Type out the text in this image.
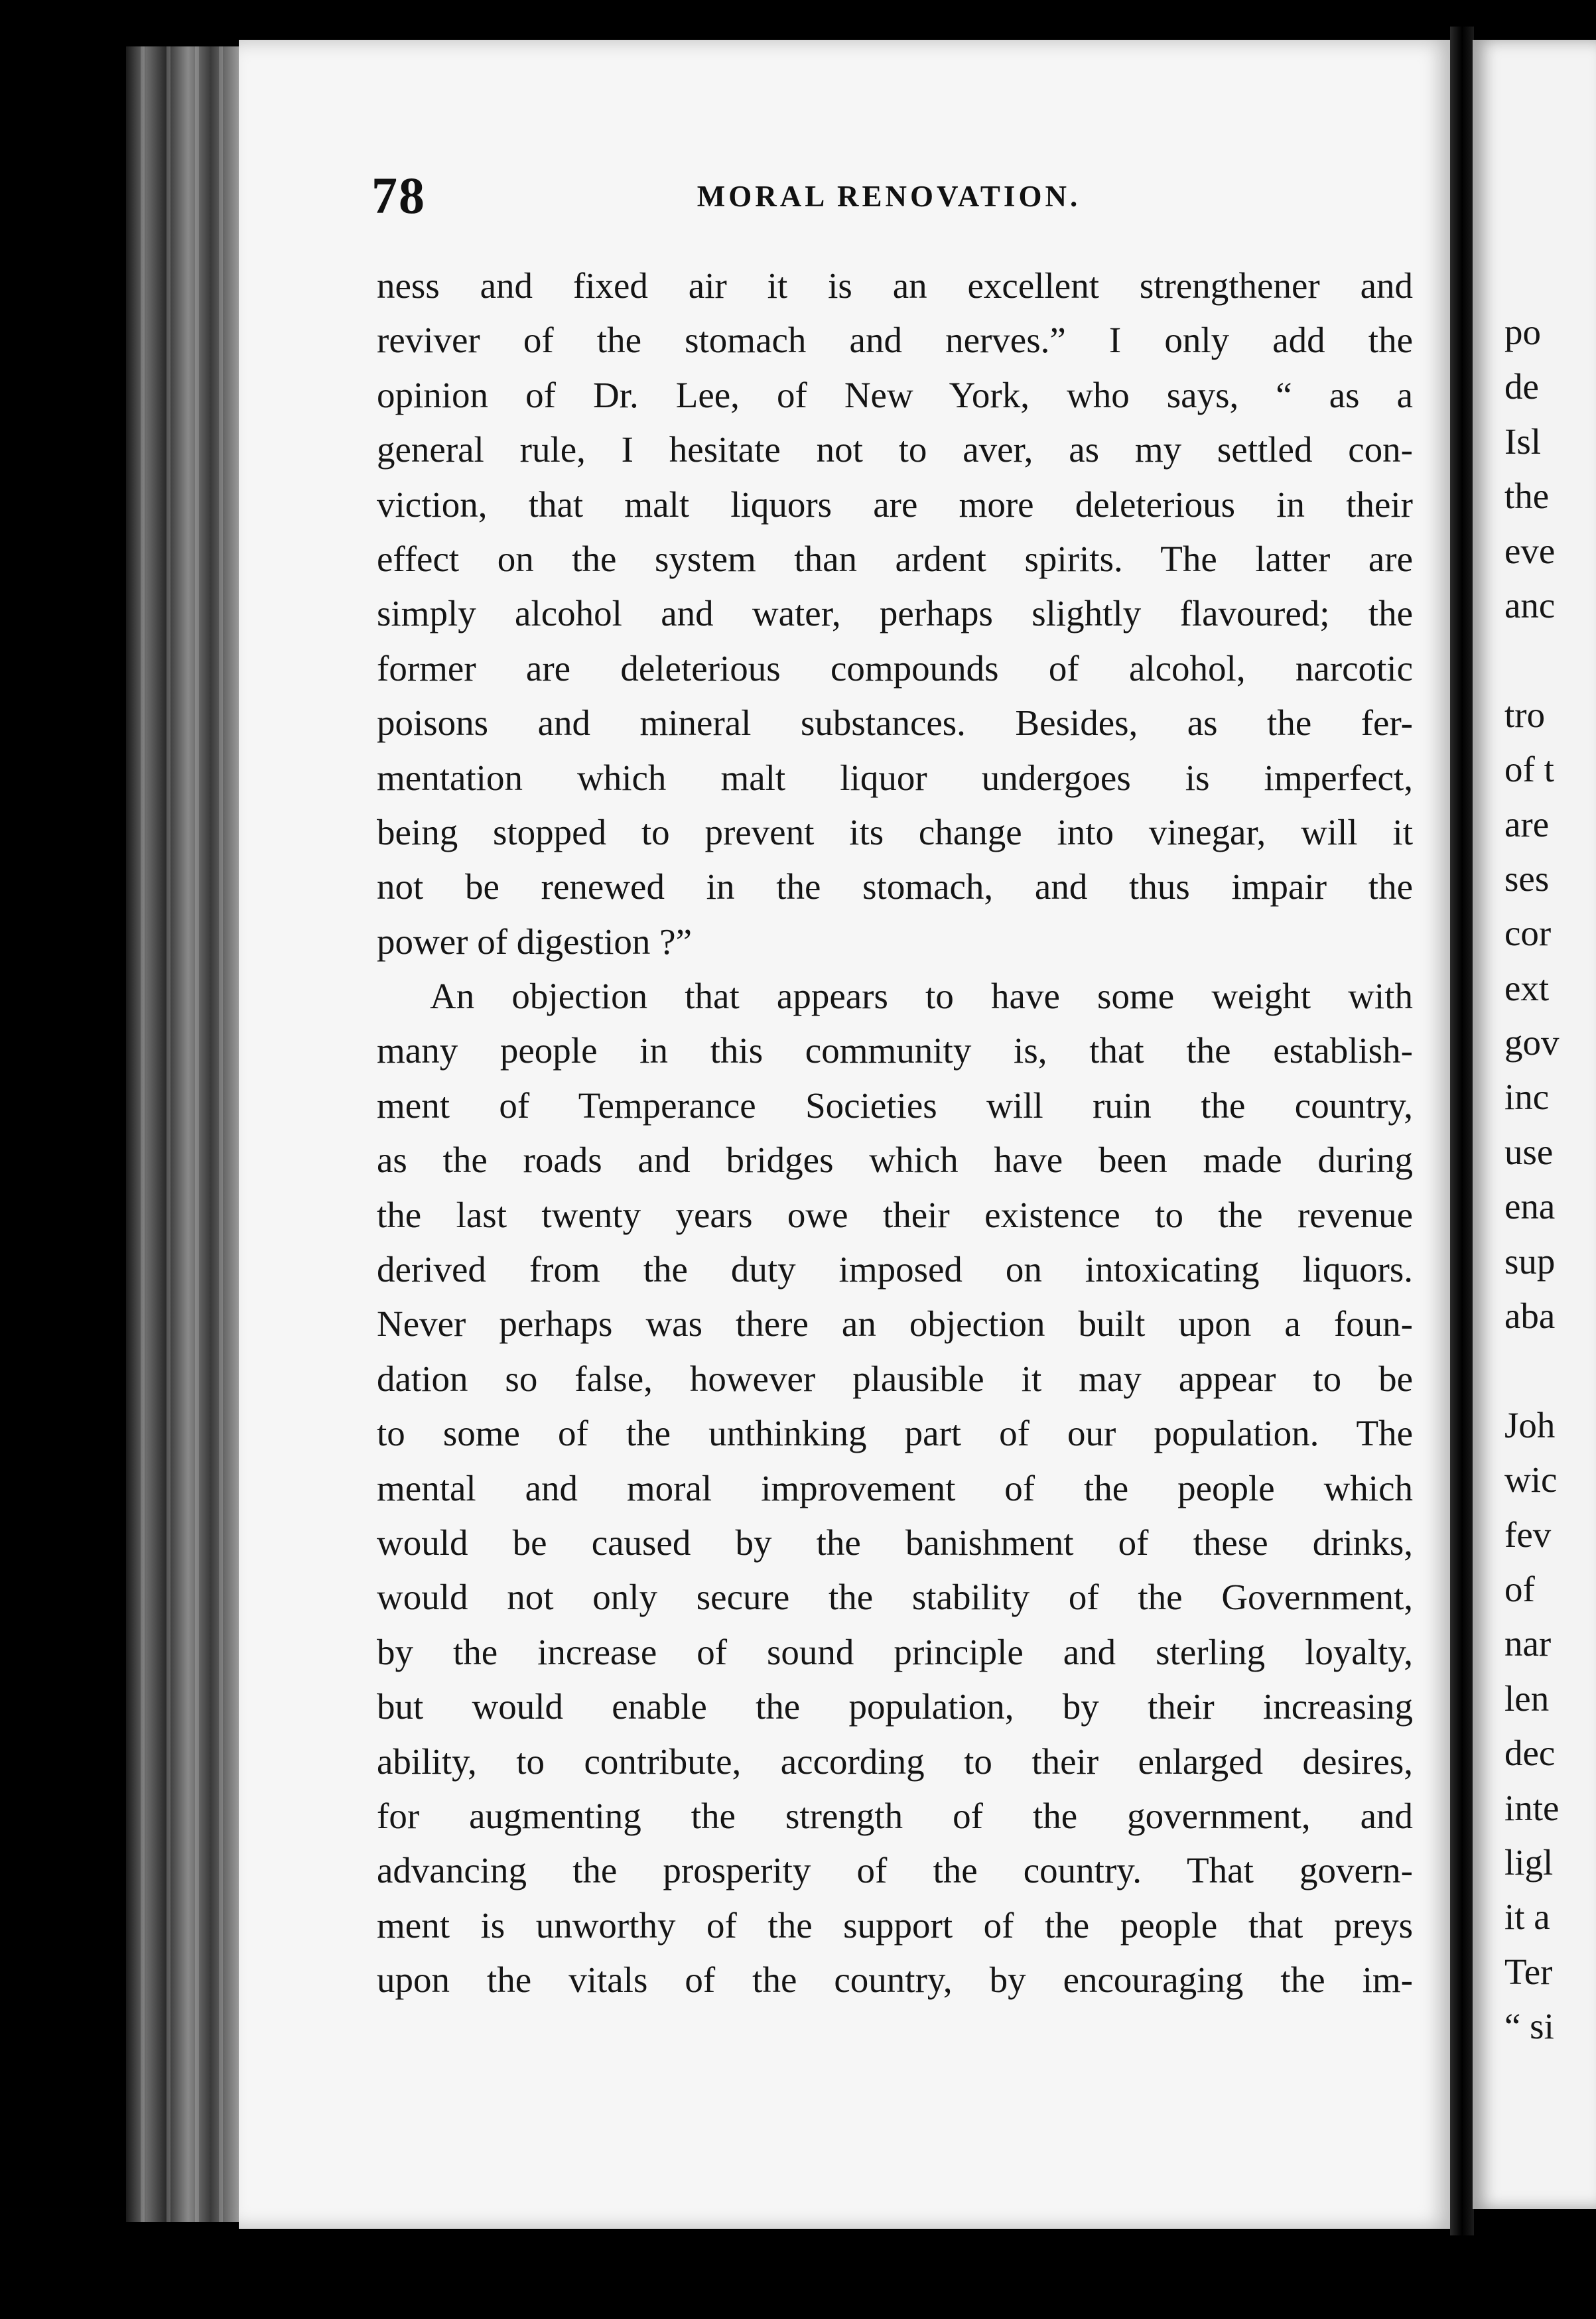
78	MORAL RENOVATION.
ness and fixed air it is an excellent strengthener and
reviver of the stomach and nerves.” I only add the
opinion of Dr. Lee, of New York, who says, “ as a
general rule, I hesitate not to aver, as my settled con-
viction, that malt liquors are more deleterious in their
effect on the system than ardent spirits. The latter are
simply alcohol and water, perhaps slightly flavoured; the
former are deleterious compounds of alcohol, narcotic
poisons and mineral substances. Besides, as the fer-
mentation which malt liquor undergoes is imperfect,
being stopped to prevent its change into vinegar, will it
not be renewed in the stomach, and thus impair the
power of digestion ?”
An objection that appears to have some weight with
many people in this community is, that the establish-
ment of Temperance Societies will ruin the country,
as the roads and bridges which have been made during
the last twenty years owe their existence to the revenue
derived from the duty imposed on intoxicating liquors.
Never perhaps was there an objection built upon a foun-
dation so false, however plausible it may appear to be
to some of the unthinking part of our population. The
mental and moral improvement of the people which
would be caused by the banishment of these drinks,
would not only secure the stability of the Government,
by the increase of sound principle and sterling loyalty,
but would enable the population, by their increasing
ability, to contribute, according to their enlarged desires,
for augmenting the strength of the government, and
advancing the prosperity of the country. That govern-
ment is unworthy of the support of the people that preys
upon the vitals of the country, by encouraging the im-
po
de
Isl
the
eve
anc
tro
of t
are
ses
cor
ext
gov
inc
use
ena
sup
aba
Joh
wic
fev
of
nar
len
dec
inte
ligl
it a
Ter
“ si
